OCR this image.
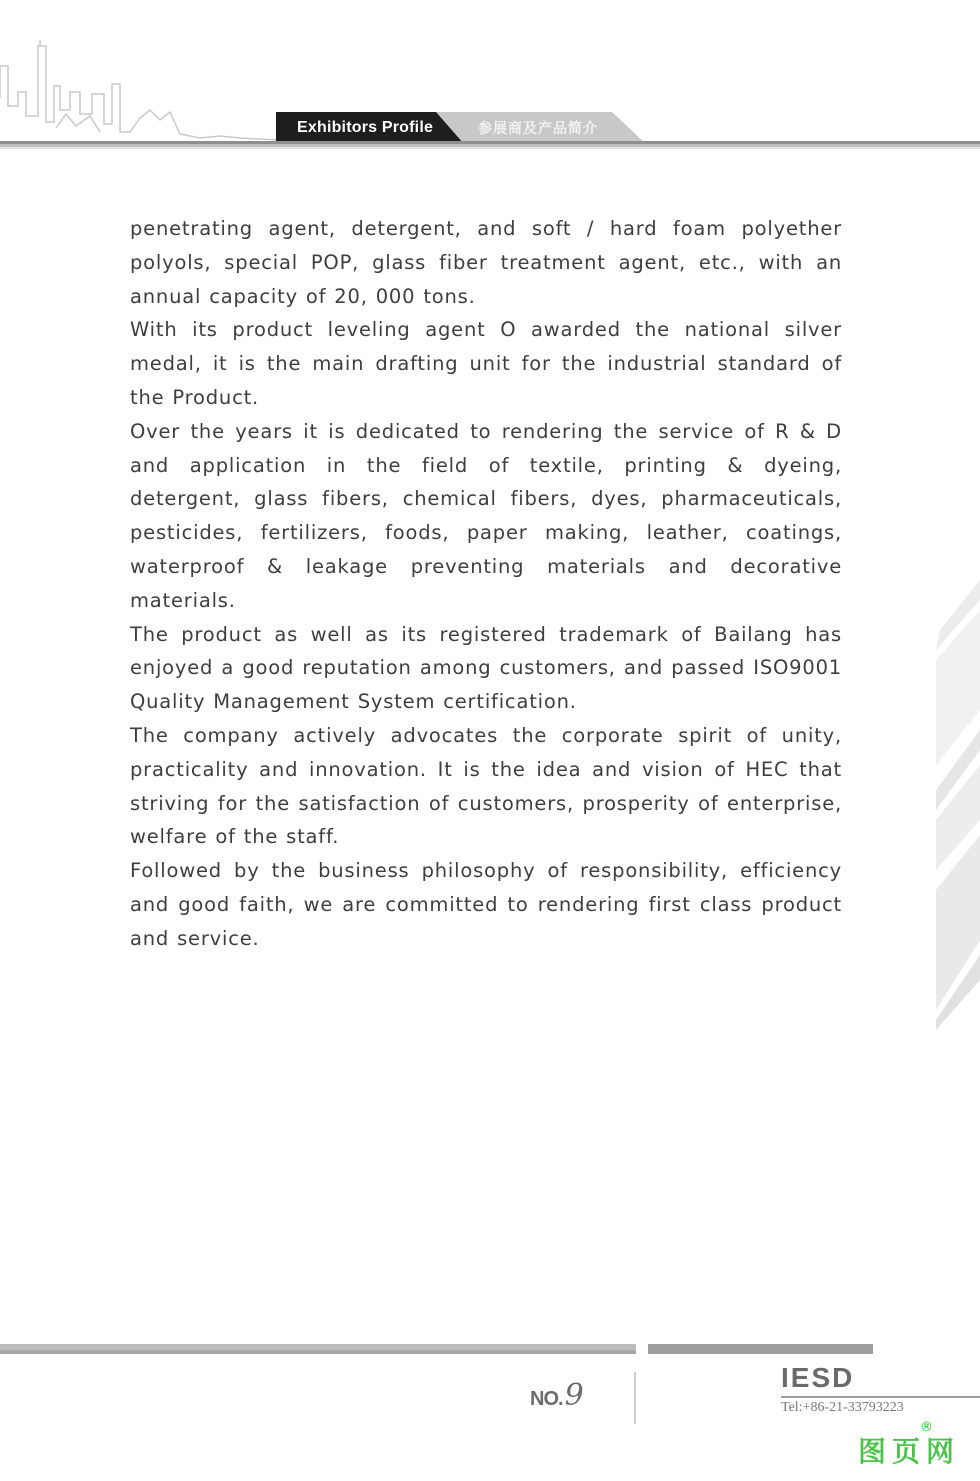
Exhibitors Profile	参展商及产品简介

penetrating agent, detergent, and soft / hard foam polyether polyols, special POP, glass fiber treatment agent, etc., with an annual capacity of 20, 000 tons.

With its product leveling agent O awarded the national silver medal, it is the main drafting unit for the industrial standard of the Product.

Over the years it is dedicated to rendering the service of R & D and application in the field of textile, printing & dyeing, detergent, glass fibers, chemical fibers, dyes, pharmaceuticals, pesticides, fertilizers, foods, paper making, leather, coatings, waterproof & leakage preventing materials and decorative materials.

The product as well as its registered trademark of Bailang has enjoyed a good reputation among customers, and passed ISO9001 Quality Management System certification.

The company actively advocates the corporate spirit of unity, practicality and innovation. It is the idea and vision of HEC that striving for the satisfaction of customers, prosperity of enterprise, welfare of the staff.

Followed by the business philosophy of responsibility, efficiency and good faith, we are committed to rendering first class product and service.

NO.9
IESD
Tel:+86-21-33793223
图页网
®
